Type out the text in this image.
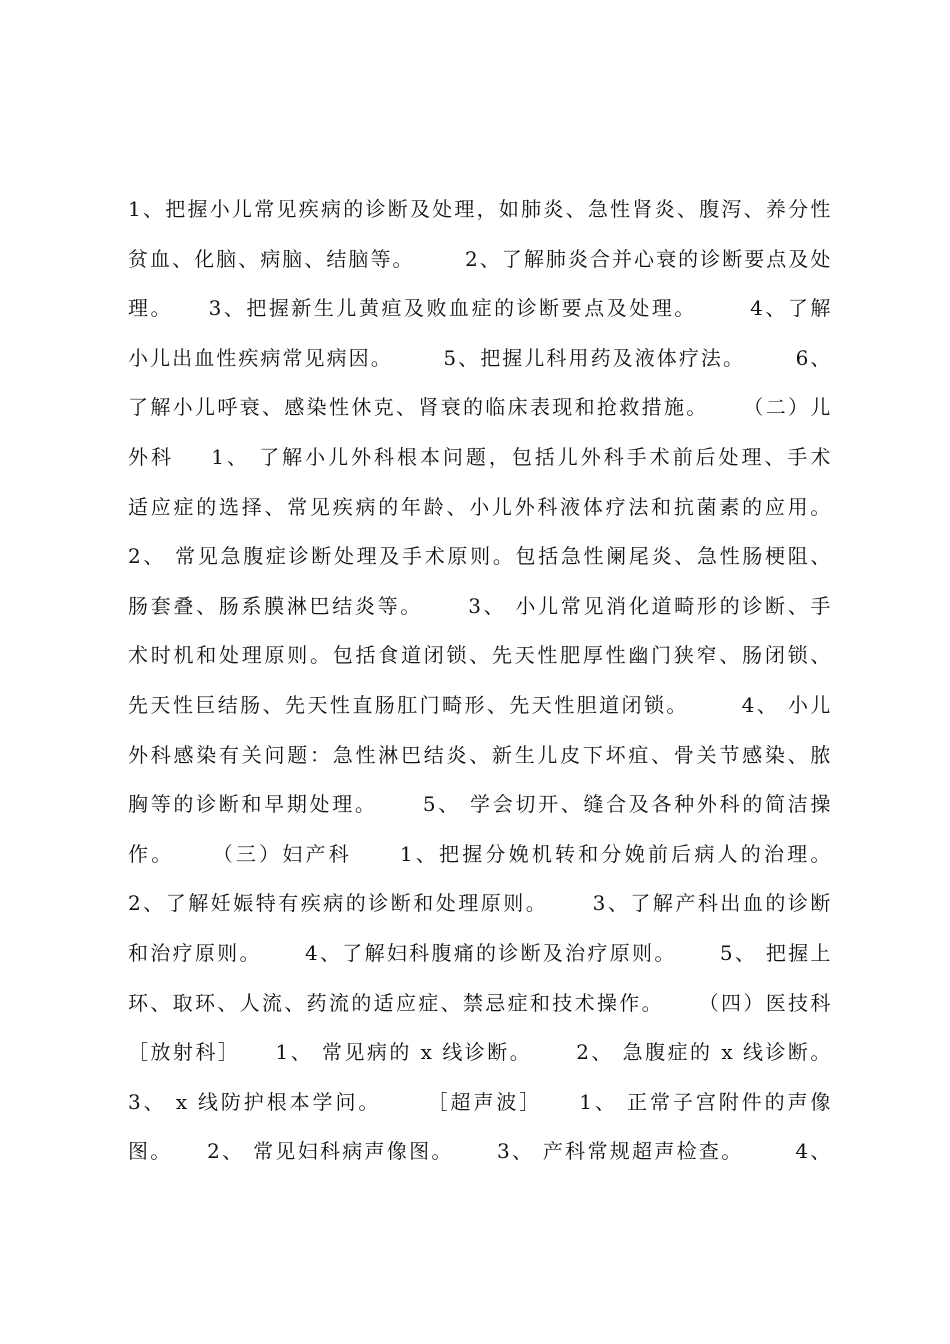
1、把握小儿常见疾病的诊断及处理，如肺炎、急性肾炎、腹泻、养分性
贫血、化脑、病脑、结脑等。      2、了解肺炎合并心衰的诊断要点及处
理。    3、把握新生儿黄疸及败血症的诊断要点及处理。      4、了解
小儿出血性疾病常见病因。      5、把握儿科用药及液体疗法。      6、
了解小儿呼衰、感染性休克、肾衰的临床表现和抢救措施。    （二）儿
外科    1、 了解小儿外科根本问题，包括儿外科手术前后处理、手术
适应症的选择、常见疾病的年龄、小儿外科液体疗法和抗菌素的应用。
2、 常见急腹症诊断处理及手术原则。包括急性阑尾炎、急性肠梗阻、
肠套叠、肠系膜淋巴结炎等。     3、 小儿常见消化道畸形的诊断、手
术时机和处理原则。包括食道闭锁、先天性肥厚性幽门狭窄、肠闭锁、
先天性巨结肠、先天性直肠肛门畸形、先天性胆道闭锁。      4、 小儿
外科感染有关问题：急性淋巴结炎、新生儿皮下坏疽、骨关节感染、脓
胸等的诊断和早期处理。     5、 学会切开、缝合及各种外科的简洁操
作。    （三）妇产科     1、把握分娩机转和分娩前后病人的治理。
2、了解妊娠特有疾病的诊断和处理原则。     3、了解产科出血的诊断
和治疗原则。     4、了解妇科腹痛的诊断及治疗原则。     5、 把握上
环、取环、人流、药流的适应症、禁忌症和技术操作。    （四）医技科
［放射科］    1、 常见病的 x 线诊断。     2、 急腹症的 x 线诊断。
3、 x 线防护根本学问。     ［超声波］    1、 正常子宫附件的声像
图。    2、 常见妇科病声像图。     3、 产科常规超声检查。      4、
